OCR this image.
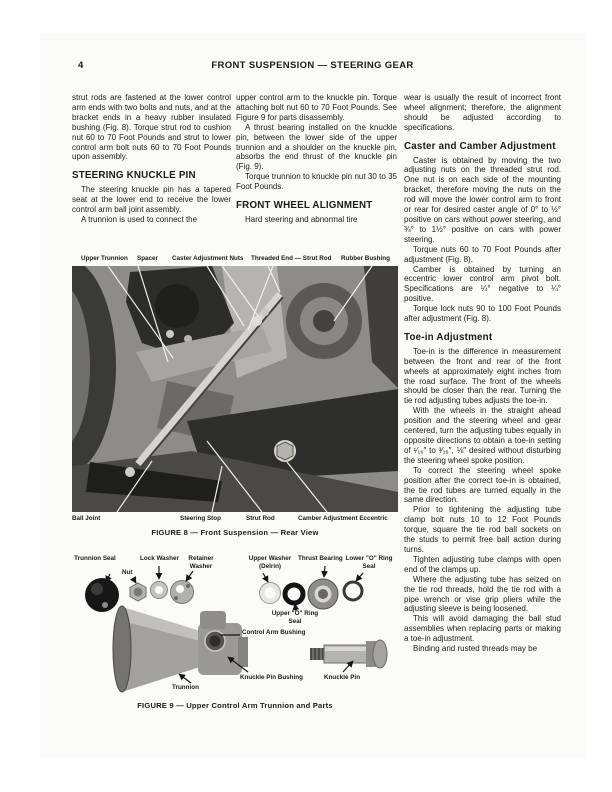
4	FRONT SUSPENSION — STEERING GEAR

strut rods are fastened at the lower control arm ends with two bolts and nuts, and at the bracket ends in a heavy rubber insulated bushing (Fig. 8). Torque strut rod to cushion nut 60 to 70 Foot Pounds and strut to lower control arm bolt nuts 60 to 70 Foot Pounds upon assembly.

STEERING KNUCKLE PIN

The steering knuckle pin has a tapered seat at the lower end to receive the lower control arm ball joint assembly.

A trunnion is used to connect the

upper control arm to the knuckle pin. Torque attaching bolt nut 60 to 70 Foot Pounds. See Figure 9 for parts disassembly.

A thrust bearing installed on the knuckle pin, between the lower side of the upper trunnion and a shoulder on the knuckle pin, absorbs the end thrust of the knuckle pin (Fig. 9).

Torque trunnion to knuckle pin nut 30 to 35 Foot Pounds.

FRONT WHEEL ALIGNMENT

Hard steering and abnormal tire

wear is usually the result of incorrect front wheel alignment; therefore, the alignment should be adjusted according to specifications.

Caster and Camber Adjustment

Caster is obtained by moving the two adjusting nuts on the threaded strut rod. One nut is on each side of the mounting bracket, therefore moving the nuts on the rod will move the lower control arm to front or rear for desired caster angle of 0° to ½° positive on cars without power steering, and ¾° to 1½° positive on cars with power steering.

Torque nuts 60 to 70 Foot Pounds after adjustment (Fig. 8).

Camber is obtained by turning an eccentric lower control arm pivot bolt. Specifications are ¼° negative to ¼° positive.

Torque lock nuts 90 to 100 Foot Pounds after adjustment (Fig. 8).

Toe-in Adjustment

Toe-in is the difference in measurement between the front and rear of the front wheels at approximately eight inches from the road surface. The front of the wheels should be closer than the rear. Turning the tie rod adjusting tubes adjusts the toe-in.

With the wheels in the straight ahead position and the steering wheel and gear centered, turn the adjusting tubes equally in opposite directions to obtain a toe-in setting of ¹⁄₁₆″ to ³⁄₁₆″, ⅛″ desired without disturbing the steering wheel spoke position.

To correct the steering wheel spoke position after the correct toe-in is obtained, the tie rod tubes are turned equally in the same direction.

Prior to tightening the adjusting tube clamp bolt nuts 10 to 12 Foot Pounds torque, square the tie rod ball sockets on the studs to permit free ball action during turns.

Tighten adjusting tube clamps with open end of the clamps up.

Where the adjusting tube has seized on the tie rod threads, hold the tie rod with a pipe wrench or vise grip pliers while the adjusting sleeve is being loosened.

This will avoid damaging the ball stud assemblies when replacing parts or making a toe-in adjustment.

Binding and rusted threads may be

Upper Trunnion Spacer Caster Adjustment Nuts Threaded End — Strut Rod Rubber Bushing
Ball Joint	Steering Stop	Strut Rod	Camber Adjustment Eccentric
FIGURE 8 — Front Suspension — Rear View
Trunnion Seal
Nut
Lock Washer	Retainer Washer
Upper Washer (Delrin)
Thrust Bearing Lower "O" Ring Seal
Upper "O" Ring Seal
Control Arm Bushing
Knuckle Pin Bushing
Trunnion
Knuckle Pin
FIGURE 9 — Upper Control Arm Trunnion and Parts
